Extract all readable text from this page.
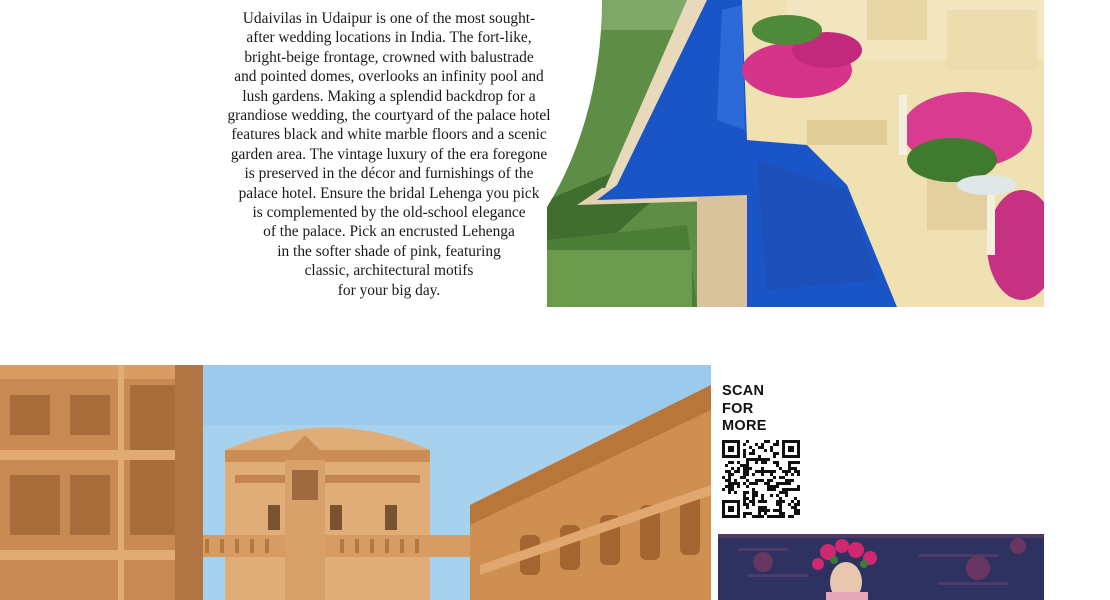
Udaivilas in Udaipur is one of the most sought-
after wedding locations in India. The fort-like,
bright-beige frontage, crowned with balustrade
and pointed domes, overlooks an infinity pool and
lush gardens. Making a splendid backdrop for a
grandiose wedding, the courtyard of the palace hotel
features black and white marble floors and a scenic
garden area. The vintage luxury of the era foregone
is preserved in the décor and furnishings of the
palace hotel. Ensure the bridal Lehenga you pick
is complemented by the old-school elegance
of the palace. Pick an encrusted Lehenga
in the softer shade of pink, featuring
classic, architectural motifs
for your big day.
SCAN
FOR
MORE
